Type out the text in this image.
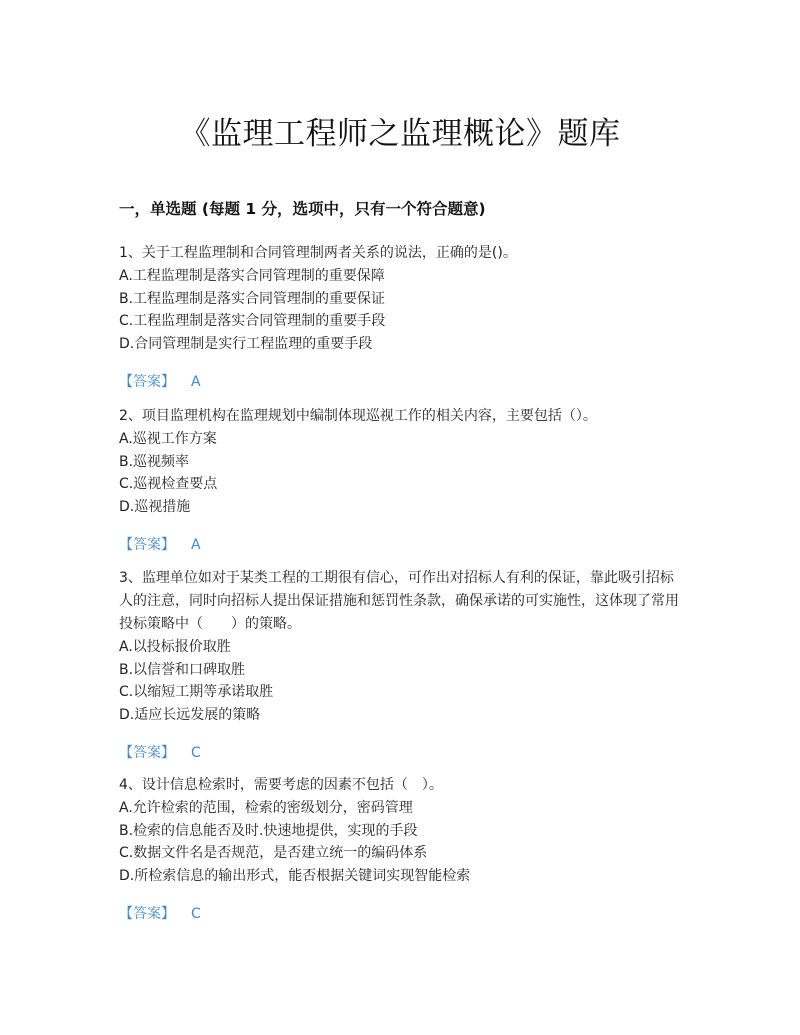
《监理工程师之监理概论》题库
一，单选题 (每题 1 分，选项中，只有一个符合题意)
1、关于工程监理制和合同管理制两者关系的说法，正确的是()。
A.工程监理制是落实合同管理制的重要保障
B.工程监理制是落实合同管理制的重要保证
C.工程监理制是落实合同管理制的重要手段
D.合同管理制是实行工程监理的重要手段
【答案】 A
2、项目监理机构在监理规划中编制体现巡视工作的相关内容，主要包括（）。
A.巡视工作方案
B.巡视频率
C.巡视检查要点
D.巡视措施
【答案】 A
3、监理单位如对于某类工程的工期很有信心，可作出对招标人有利的保证，靠此吸引招标人的注意，同时向招标人提出保证措施和惩罚性条款，确保承诺的可实施性，这体现了常用投标策略中（　　）的策略。
A.以投标报价取胜
B.以信誉和口碑取胜
C.以缩短工期等承诺取胜
D.适应长远发展的策略
【答案】 C
4、设计信息检索时，需要考虑的因素不包括（　）。
A.允许检索的范围，检索的密级划分，密码管理
B.检索的信息能否及时.快速地提供，实现的手段
C.数据文件名是否规范，是否建立统一的编码体系
D.所检索信息的输出形式，能否根据关键词实现智能检索
【答案】 C
